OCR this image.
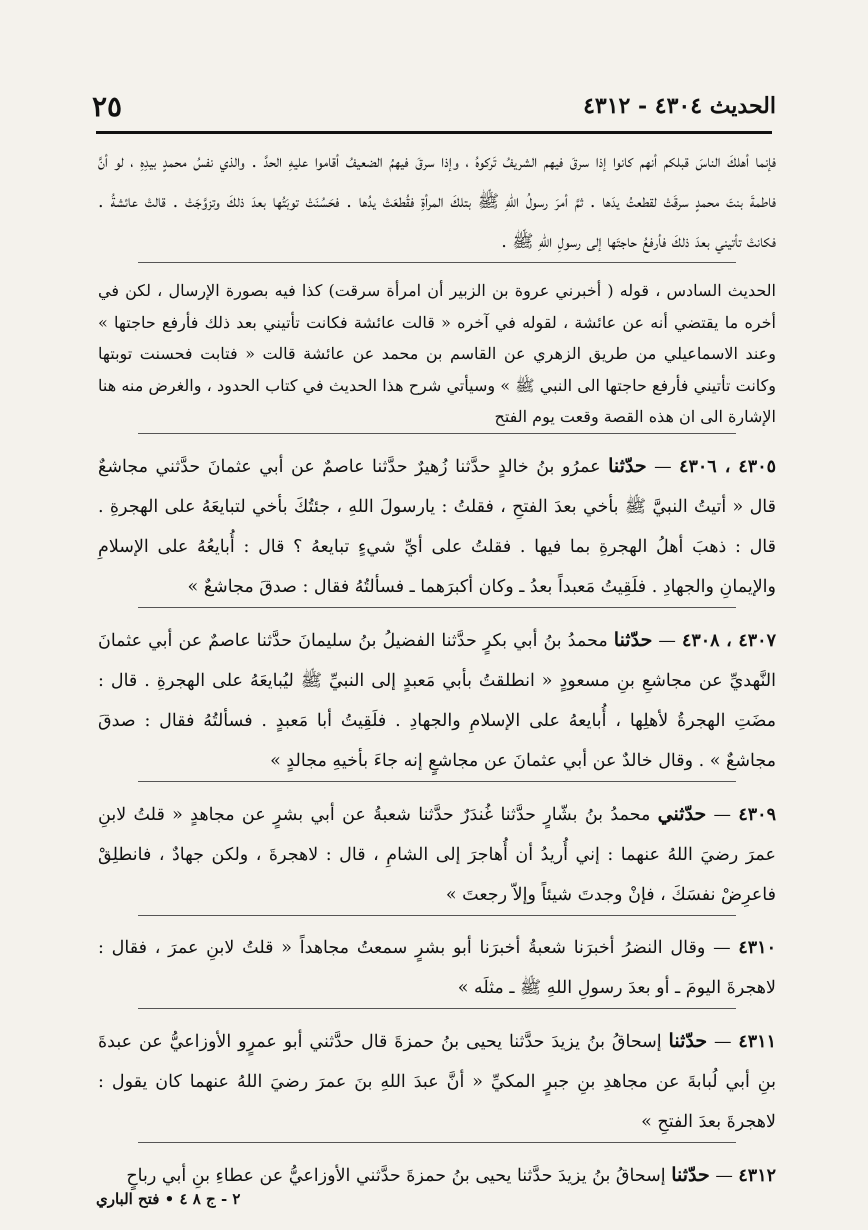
الحديث ٤٣٠٤ - ٤٣١٢
٢٥

فإنما أهلكَ الناسَ قبلكم أنهم كانوا إذا سرقَ فيهم الشريفُ تَركوهُ ، وإذا سرقَ فيهمُ الضعيفُ أقاموا عليهِ الحدَّ . والذي نفسُ محمدٍ بيدِهِ ، لو أنَّ فاطمةَ بنتَ محمدٍ سرقَتْ لقطعتُ يدَها . ثمَّ أمرَ رسولُ اللهِ ﷺ بتلكَ المرأةِ فقُطعَتْ يدُها . فحَسُنَتْ توبَتُها بعدَ ذلكَ وتزوَّجَتْ . قالتْ عائشةُ . فكانتْ تأتيني بعدَ ذلكَ فأرفعُ حاجتَها إلى رسولِ اللهِ ﷺ .

الحديث السادس ، قوله ( أخبرني عروة بن الزبير أن امرأة سرقت) كذا فيه بصورة الإرسال ، لكن في أخره ما يقتضي أنه عن عائشة ، لقوله في آخره « قالت عائشة فكانت تأتيني بعد ذلك فأرفع حاجتها » وعند الاسماعيلي من طريق الزهري عن القاسم بن محمد عن عائشة قالت « فتابت فحسنت توبتها وكانت تأتيني فأرفع حاجتها الى النبي ﷺ » وسيأتي شرح هذا الحديث في كتاب الحدود ، والغرض منه هنا الإشارة الى ان هذه القصة وقعت يوم الفتح

٤٣٠٥ ، ٤٣٠٦ — حدّثنا عمرُو بنُ خالدٍ حدَّثنا زُهيرٌ حدَّثنا عاصمٌ عن أبي عثمانَ حدَّثني مجاشعٌ قال « أتيتُ النبيَّ ﷺ بأخي بعدَ الفتحِ ، فقلتُ : يارسولَ اللهِ ، جئتُكَ بأخي لتبايعَهُ على الهجرةِ . قال : ذهبَ أهلُ الهجرةِ بما فيها . فقلتُ على أيِّ شيءٍ تبايعهُ ؟ قال : أُبايعُهُ على الإسلامِ والإيمانِ والجهادِ . فلَقِيتُ مَعبداً بعدُ ـ وكان أكبرَهما ـ فسألتُهُ فقال : صدقَ مجاشعٌ »

٤٣٠٧ ، ٤٣٠٨ — حدّثنا محمدُ بنُ أبي بكرٍ حدَّثنا الفضيلُ بنُ سليمانَ حدَّثنا عاصمٌ عن أبي عثمانَ النَّهديِّ عن مجاشعِ بنِ مسعودٍ « انطلقتُ بأبي مَعبدٍ إلى النبيِّ ﷺ ليُبايعَهُ على الهجرةِ . قال : مضَتِ الهجرةُ لأهلِها ، أُبايعهُ على الإسلامِ والجهادِ . فلَقِيتُ أبا مَعبدٍ . فسألتُهُ فقال : صدقَ مجاشعٌ » . وقال خالدٌ عن أبي عثمانَ عن مجاشعٍ إنه جاءَ بأخيهِ مجالدٍ »

٤٣٠٩ — حدّثني محمدُ بنُ بشّارٍ حدَّثنا غُندَرٌ حدَّثنا شعبةُ عن أبي بشرٍ عن مجاهدٍ « قلتُ لابنِ عمرَ رضيَ اللهُ عنهما : إني أُريدُ أن أُهاجرَ إلى الشامِ ، قال : لاهجرةَ ، ولكن جهادٌ ، فانطلِقْ فاعرِضْ نفسَكَ ، فإنْ وجدتَ شيئاً وإلاّ رجعتَ »

٤٣١٠ — وقال النضرُ أخبرَنا شعبةُ أخبرَنا أبو بشرٍ سمعتُ مجاهداً « قلتُ لابنِ عمرَ ، فقال : لاهجرةَ اليومَ ـ أو بعدَ رسولِ اللهِ ﷺ ـ مثلَه »

٤٣١١ — حدّثنا إسحاقُ بنُ يزيدَ حدَّثنا يحيى بنُ حمزةَ قال حدَّثني أبو عمرٍو الأوزاعيُّ عن عبدةَ بنِ أبي لُبابةَ عن مجاهدِ بنِ جبرٍ المكيِّ « أنَّ عبدَ اللهِ بنَ عمرَ رضيَ اللهُ عنهما كان يقول : لاهجرةَ بعدَ الفتحِ »

٤٣١٢ — حدّثنا إسحاقُ بنُ يزيدَ حدَّثنا يحيى بنُ حمزةَ حدَّثني الأوزاعيُّ عن عطاءِ بنِ أبي رباحٍ

٢ - ج ٨ ٤ • فتح الباري
